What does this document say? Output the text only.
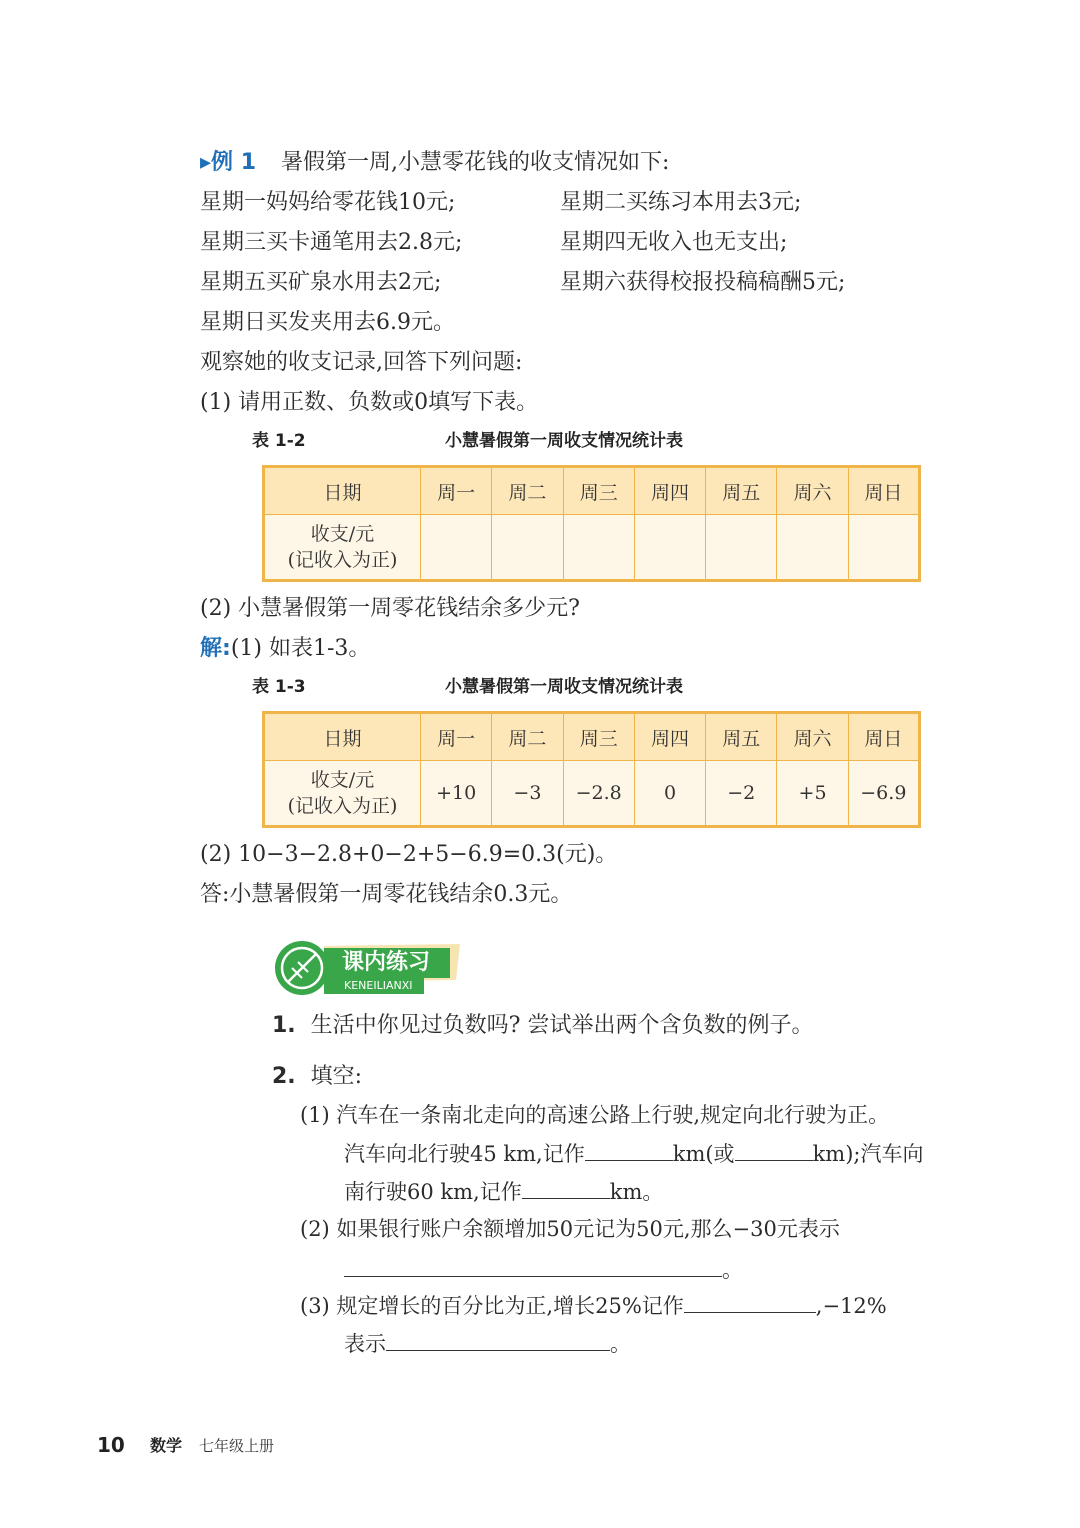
▸例 1 暑假第一周,小慧零花钱的收支情况如下:
星期一妈妈给零花钱10元;	星期二买练习本用去3元;
星期三买卡通笔用去2.8元;	星期四无收入也无支出;
星期五买矿泉水用去2元;	星期六获得校报投稿稿酬5元;
星期日买发夹用去6.9元。
观察她的收支记录,回答下列问题:
(1) 请用正数、负数或0填写下表。
表 1-2	小慧暑假第一周收支情况统计表
日期	周一	周二	周三	周四	周五	周六	周日

收支/元
(记收入为正)							

(2) 小慧暑假第一周零花钱结余多少元?
解:(1) 如表1-3。
表 1-3	小慧暑假第一周收支情况统计表
日期	周一	周二	周三	周四	周五	周六	周日

收支/元
(记收入为正)	+10	−3	−2.8	0	−2	+5	−6.9
(2) 10−3−2.8+0−2+5−6.9=0.3(元)。
答:小慧暑假第一周零花钱结余0.3元。
课内练习
KENEILIANXI
1. 生活中你见过负数吗? 尝试举出两个含负数的例子。
2. 填空:
(1) 汽车在一条南北走向的高速公路上行驶,规定向北行驶为正。
汽车向北行驶45 km,记作	km(或	km);汽车向
南行驶60 km,记作	km。
(2) 如果银行账户余额增加50元记为50元,那么−30元表示
。
(3) 规定增长的百分比为正,增长25%记作	,−12%
表示	。
10 数学 七年级上册
